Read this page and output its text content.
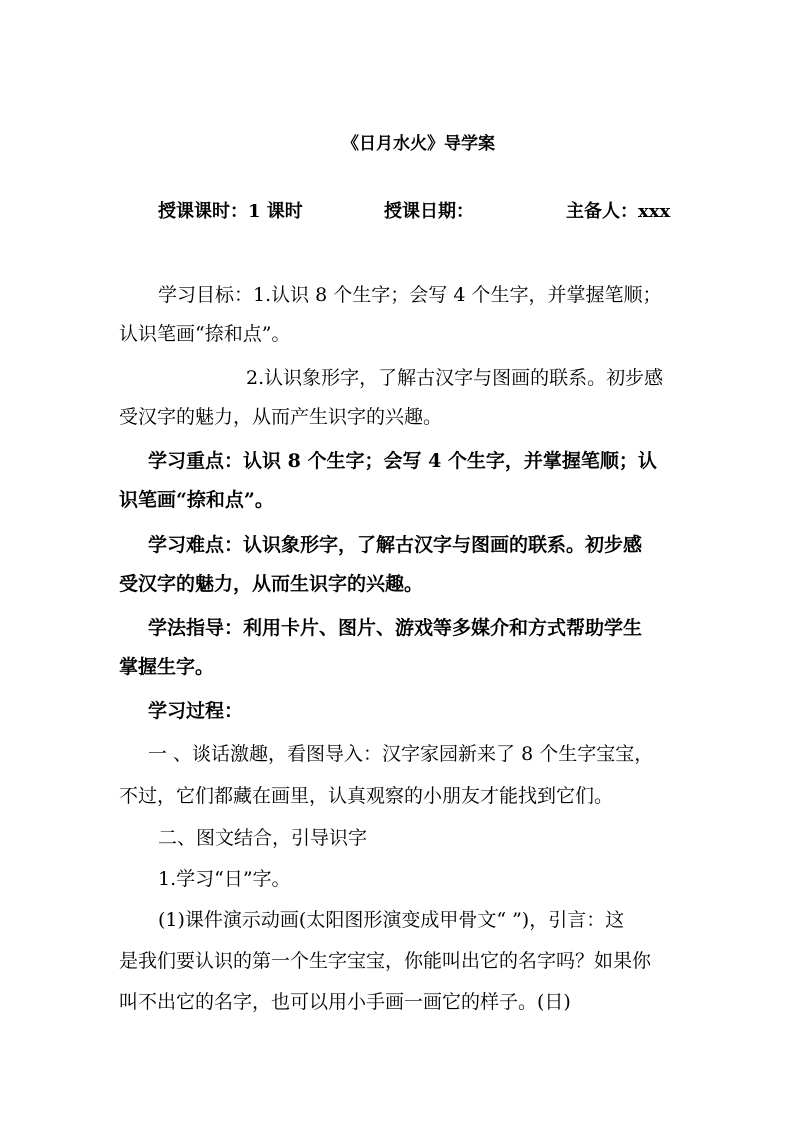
《日月水火》导学案
授课课时：1 课时	授课日期：	主备人：xxx
学习目标：1.认识 8 个生字；会写 4 个生字，并掌握笔顺；
认识笔画“捺和点”。
2.认识象形字，了解古汉字与图画的联系。初步感
受汉字的魅力，从而产生识字的兴趣。
学习重点：认识 8 个生字；会写 4 个生字，并掌握笔顺；认
识笔画“捺和点”。
学习难点：认识象形字，了解古汉字与图画的联系。初步感
受汉字的魅力，从而生识字的兴趣。
学法指导：利用卡片、图片、游戏等多媒介和方式帮助学生
掌握生字。
学习过程：
一 、谈话激趣，看图导入：汉字家园新来了 8 个生字宝宝，
不过，它们都藏在画里，认真观察的小朋友才能找到它们。
二、图文结合，引导识字
1.学习“日”字。
(1)课件演示动画(太阳图形演变成甲骨文“ ”)，引言：这
是我们要认识的第一个生字宝宝，你能叫出它的名字吗？如果你
叫不出它的名字，也可以用小手画一画它的样子。(日)
